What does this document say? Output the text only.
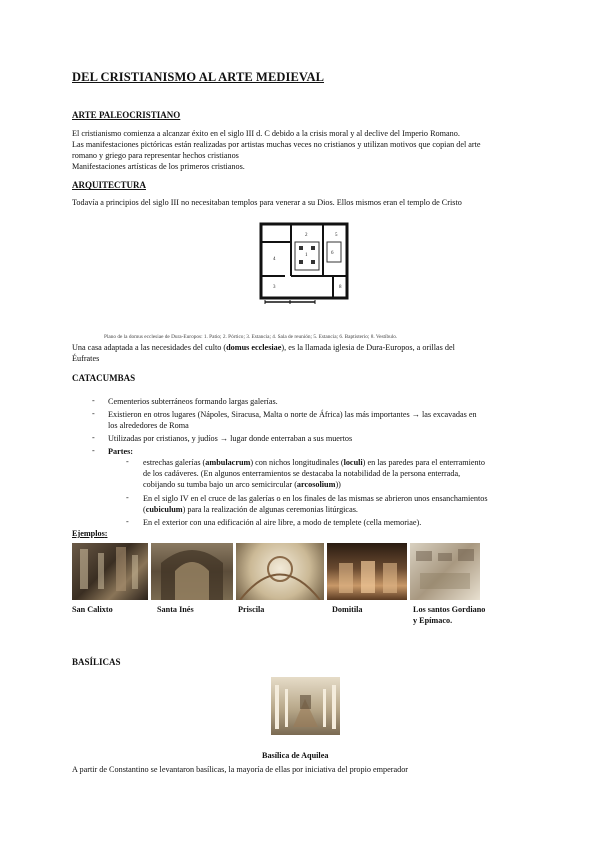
DEL CRISTIANISMO AL ARTE MEDIEVAL
ARTE PALEOCRISTIANO
El cristianismo comienza a alcanzar éxito en el siglo III d. C debido a la crisis moral y al declive del Imperio Romano.
Las manifestaciones pictóricas están realizadas por artistas muchas veces no cristianos y utilizan motivos que copian del arte
romano y griego para representar hechos cristianos
Manifestaciones artísticas de los primeros cristianos.
ARQUITECTURA
Todavía a principios del siglo III no necesitaban templos para venerar a su Dios. Ellos mismos eran el templo de Cristo
4
2
1
5
6
3	8
Plano de la domus ecclesiae de Dura-Europos: 1. Patio; 2. Pórtico; 3. Estancia; 4. Sala de reunión; 5. Estancia; 6. Baptisterio; 8. Vestíbulo.
Una casa adaptada a las necesidades del culto (domus ecclesiae), es la llamada iglesia de Dura-Europos, a orillas del
Éufrates
CATACUMBAS
- Cementerios subterráneos formando largas galerías.
- Existieron en otros lugares (Nápoles, Siracusa, Malta o norte de África) las más importantes → las excavadas en
los alrededores de Roma
- Utilizadas por cristianos, y judíos → lugar donde enterraban a sus muertos
- Partes:
- estrechas galerías (ambulacrum) con nichos longitudinales (loculi) en las paredes para el enterramiento
de los cadáveres. (En algunos enterramientos se destacaba la notabilidad de la persona enterrada,
cobijando su tumba bajo un arco semicircular (arcosolium))
- En el siglo IV en el cruce de las galerías o en los finales de las mismas se abrieron unos ensanchamientos
(cubiculum) para la realización de algunas ceremonias litúrgicas.
- En el exterior con una edificación al aire libre, a modo de templete (cella memoriae).
Ejemplos:
San Calixto	Santa Inés	Priscila	Domitila	Los santos Gordiano
y Epímaco.
BASÍLICAS
Basílica de Aquilea
A partir de Constantino se levantaron basílicas, la mayoría de ellas por iniciativa del propio emperador
